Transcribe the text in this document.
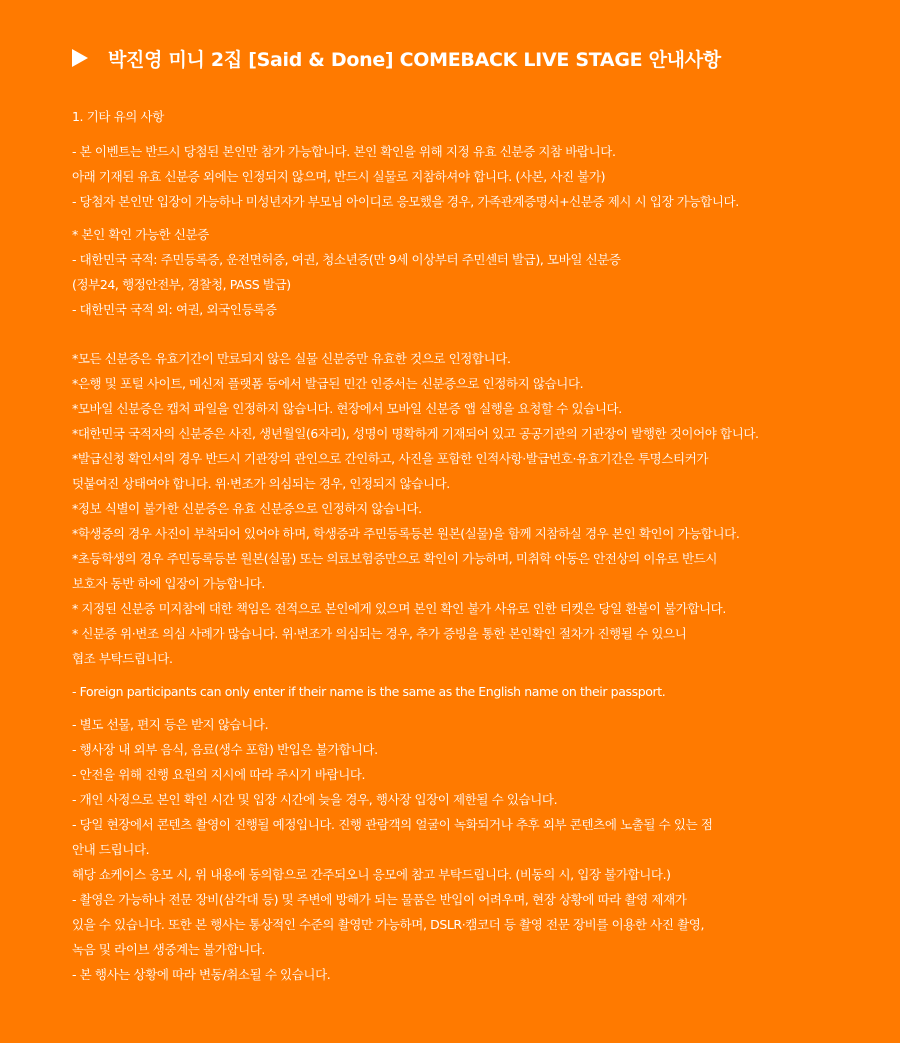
박진영 미니 2집 [Said & Done] COMEBACK LIVE STAGE 안내사항
1. 기타 유의 사항
- 본 이벤트는 반드시 당첨된 본인만 참가 가능합니다. 본인 확인을 위해 지정 유효 신분증 지참 바랍니다.
아래 기재된 유효 신분증 외에는 인정되지 않으며, 반드시 실물로 지참하셔야 합니다. (사본, 사진 불가)
- 당첨자 본인만 입장이 가능하나 미성년자가 부모님 아이디로 응모했을 경우, 가족관계증명서+신분증 제시 시 입장 가능합니다.
* 본인 확인 가능한 신분증
- 대한민국 국적: 주민등록증, 운전면허증, 여권, 청소년증(만 9세 이상부터 주민센터 발급), 모바일 신분증
(정부24, 행정안전부, 경찰청, PASS 발급)
- 대한민국 국적 외: 여권, 외국인등록증
*모든 신분증은 유효기간이 만료되지 않은 실물 신분증만 유효한 것으로 인정합니다.
*은행 및 포털 사이트, 메신저 플랫폼 등에서 발급된 민간 인증서는 신분증으로 인정하지 않습니다.
*모바일 신분증은 캡처 파일을 인정하지 않습니다. 현장에서 모바일 신분증 앱 실행을 요청할 수 있습니다.
*대한민국 국적자의 신분증은 사진, 생년월일(6자리), 성명이 명확하게 기재되어 있고 공공기관의 기관장이 발행한 것이어야 합니다.
*발급신청 확인서의 경우 반드시 기관장의 관인으로 간인하고, 사진을 포함한 인적사항·발급번호·유효기간은 투명스티커가
덧붙여진 상태여야 합니다. 위·변조가 의심되는 경우, 인정되지 않습니다.
*정보 식별이 불가한 신분증은 유효 신분증으로 인정하지 않습니다.
*학생증의 경우 사진이 부착되어 있어야 하며, 학생증과 주민등록등본 원본(실물)을 함께 지참하실 경우 본인 확인이 가능합니다.
*초등학생의 경우 주민등록등본 원본(실물) 또는 의료보험증만으로 확인이 가능하며, 미취학 아동은 안전상의 이유로 반드시
보호자 동반 하에 입장이 가능합니다.
* 지정된 신분증 미지참에 대한 책임은 전적으로 본인에게 있으며 본인 확인 불가 사유로 인한 티켓은 당일 환불이 불가합니다.
* 신분증 위·변조 의심 사례가 많습니다. 위·변조가 의심되는 경우, 추가 증빙을 통한 본인확인 절차가 진행될 수 있으니
협조 부탁드립니다.
- Foreign participants can only enter if their name is the same as the English name on their passport.
- 별도 선물, 편지 등은 받지 않습니다.
- 행사장 내 외부 음식, 음료(생수 포함) 반입은 불가합니다.
- 안전을 위해 진행 요원의 지시에 따라 주시기 바랍니다.
- 개인 사정으로 본인 확인 시간 및 입장 시간에 늦을 경우, 행사장 입장이 제한될 수 있습니다.
- 당일 현장에서 콘텐츠 촬영이 진행될 예정입니다. 진행 관람객의 얼굴이 녹화되거나 추후 외부 콘텐츠에 노출될 수 있는 점
안내 드립니다.
해당 쇼케이스 응모 시, 위 내용에 동의함으로 간주되오니 응모에 참고 부탁드립니다. (비동의 시, 입장 불가합니다.)
- 촬영은 가능하나 전문 장비(삼각대 등) 및 주변에 방해가 되는 물품은 반입이 어려우며, 현장 상황에 따라 촬영 제재가
있을 수 있습니다. 또한 본 행사는 통상적인 수준의 촬영만 가능하며, DSLR·캠코더 등 촬영 전문 장비를 이용한 사진 촬영,
녹음 및 라이브 생중계는 불가합니다.
- 본 행사는 상황에 따라 변동/취소될 수 있습니다.
